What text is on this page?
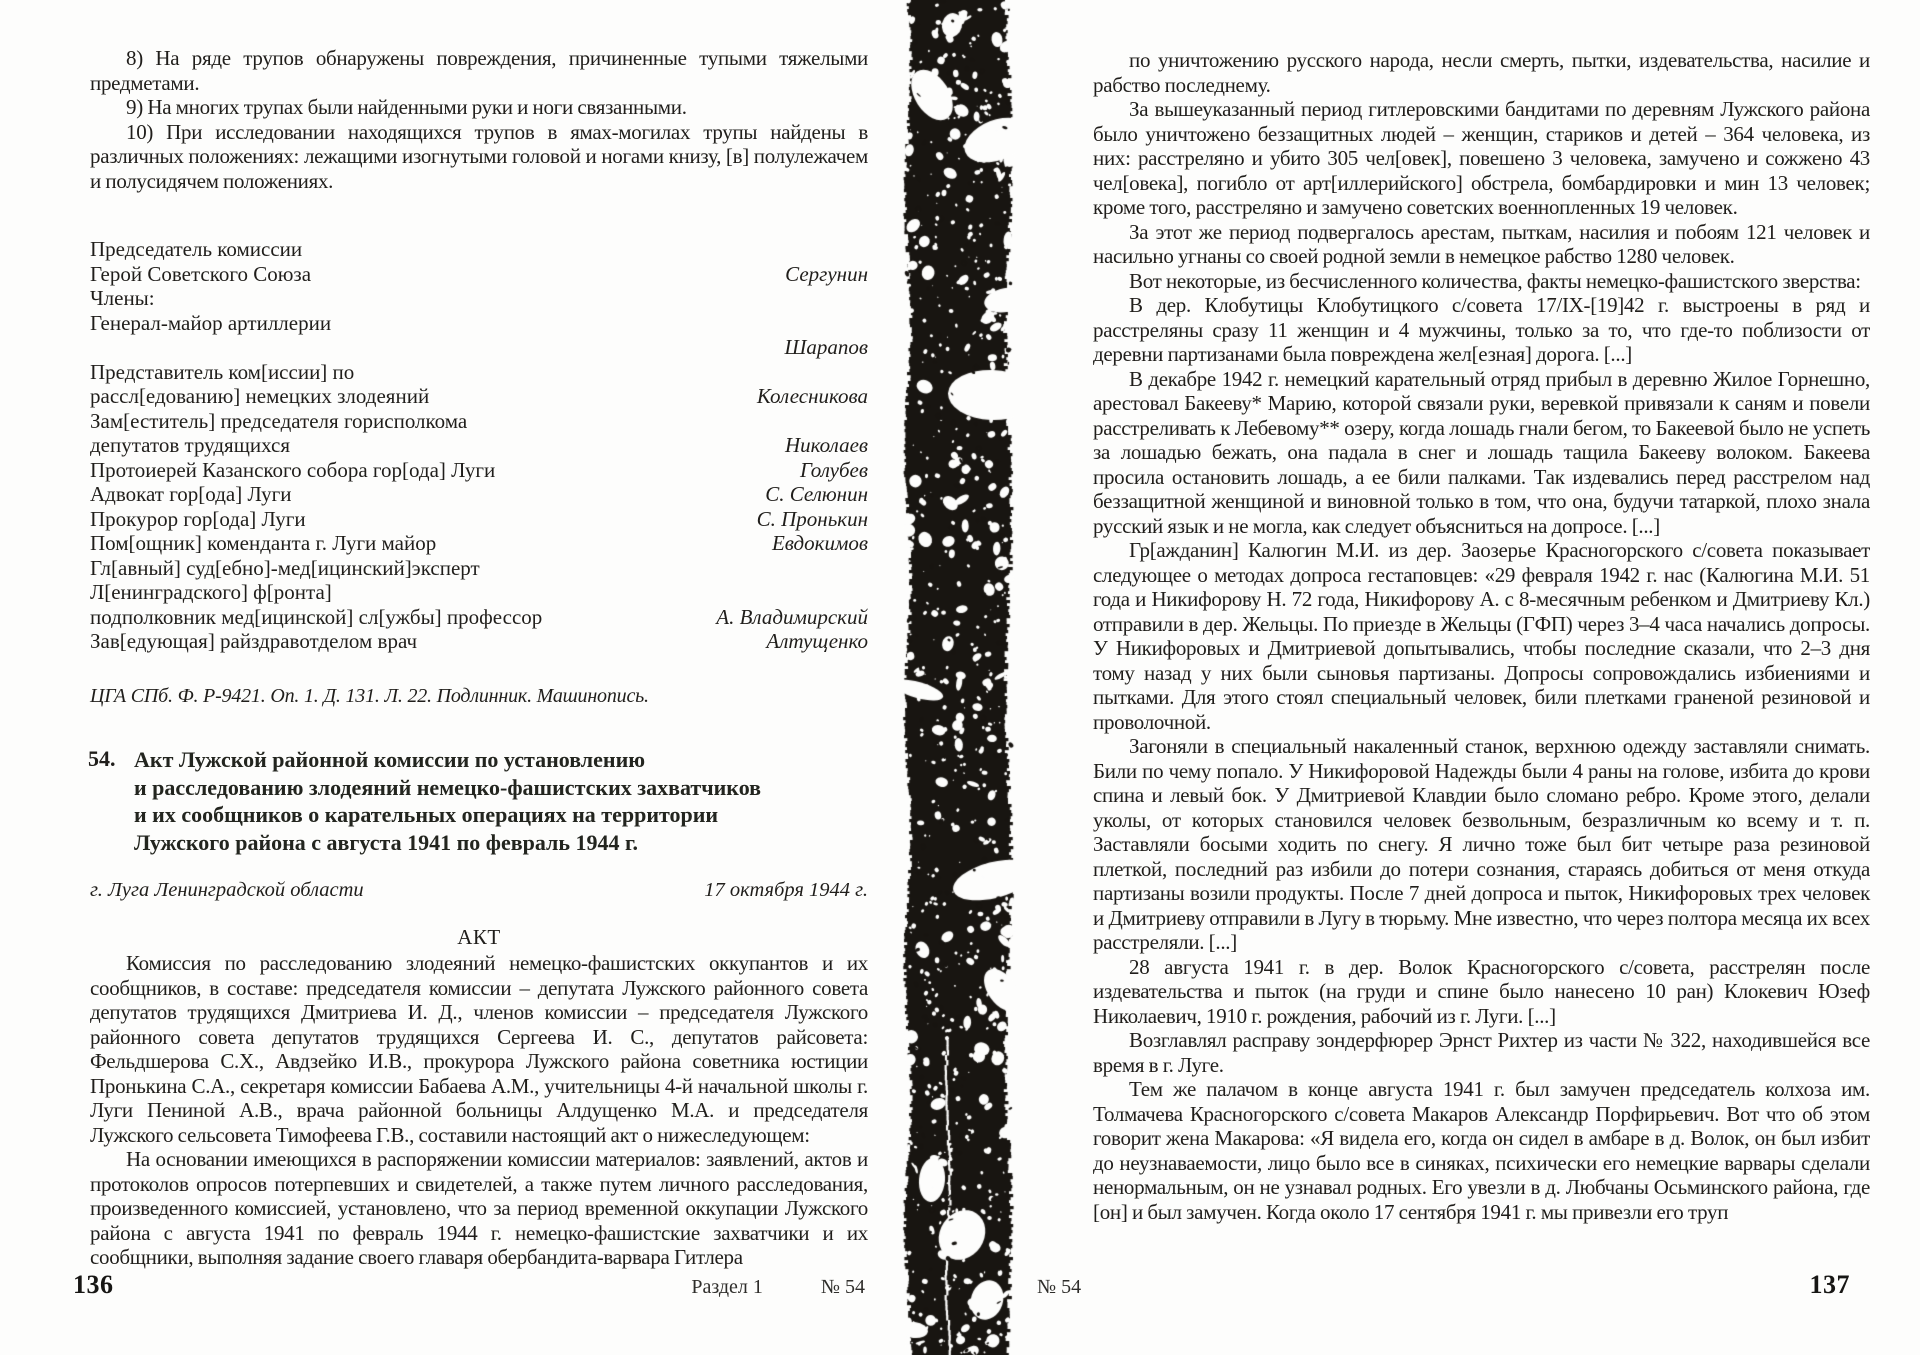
8) На ряде трупов обнаружены повреждения, причиненные тупыми тяжелыми предметами.

9) На многих трупах были найденными руки и ноги связанными.

10) При исследовании находящихся трупов в ямах-могилах трупы найдены в различных положениях: лежащими изогнутыми головой и ногами книзу, [в] полулежачем и полусидячем положениях.

Председатель комиссии
Герой Советского Союза	Сергунин
Члены:
Генерал-майор артиллерии
Шарапов
Представитель ком[иссии] по
рассл[едованию] немецких злодеяний	Колесникова
Зам[еститель] председателя горисполкома
депутатов трудящихся	Николаев
Протоиерей Казанского собора гор[ода] Луги	Голубев
Адвокат гор[ода] Луги	С. Селюнин
Прокурор гор[ода] Луги	С. Пронькин
Пом[ощник] коменданта г. Луги майор	Евдокимов
Гл[авный] суд[ебно]-мед[ицинский]эксперт
Л[енинградского] ф[ронта]
подполковник мед[ицинской] сл[ужбы] профессор	А. Владимирский
Зав[едующая] райздравотделом врач	Алтущенко
ЦГА СПб. Ф. Р-9421. Оп. 1. Д. 131. Л. 22. Подлинник. Машинопись.
54. Акт Лужской районной комиссии по установлению
и расследованию злодеяний немецко-фашистских захватчиков
и их сообщников о карательных операциях на территории
Лужского района с августа 1941 по февраль 1944 г.
г. Луга Ленинградской области	17 октября 1944 г.
АКТ

Комиссия по расследованию злодеяний немецко-фашистских оккупантов и их сообщников, в составе: председателя комиссии – депутата Лужского районного совета депутатов трудящихся Дмитриева И. Д., членов комиссии – председателя Лужского районного совета депутатов трудящихся Сергеева И. С., депутатов райсовета: Фельдшерова С.Х., Авдзейко И.В., прокурора Лужского района советника юстиции Пронькина С.А., секретаря комиссии Бабаева А.М., учительницы 4-й начальной школы г. Луги Пениной А.В., врача районной больницы Алдущенко М.А. и председателя Лужского сельсовета Тимофеева Г.В., составили настоящий акт о нижеследующем:

На основании имеющихся в распоряжении комиссии материалов: заявлений, актов и протоколов опросов потерпевших и свидетелей, а также путем личного расследования, произведенного комиссией, установлено, что за период временной оккупации Лужского района с августа 1941 по февраль 1944 г. немецко-фашистские захватчики и их сообщники, выполняя задание своего главаря обербандита-варвара Гитлера

по уничтожению русского народа, несли смерть, пытки, издевательства, насилие и рабство последнему.

За вышеуказанный период гитлеровскими бандитами по деревням Лужского района было уничтожено беззащитных людей – женщин, стариков и детей – 364 человека, из них: расстреляно и убито 305 чел[овек], повешено 3 человека, замучено и сожжено 43 чел[овека], погибло от арт[иллерийского] обстрела, бомбардировки и мин 13 человек; кроме того, расстреляно и замучено советских военнопленных 19 человек.

За этот же период подвергалось арестам, пыткам, насилия и побоям 121 человек и насильно угнаны со своей родной земли в немецкое рабство 1280 человек.

Вот некоторые, из бесчисленного количества, факты немецко-фашистского зверства:

В дер. Клобутицы Клобутицкого с/совета 17/IX-[19]42 г. выстроены в ряд и расстреляны сразу 11 женщин и 4 мужчины, только за то, что где-то поблизости от деревни партизанами была повреждена жел[езная] дорога. [...]

В декабре 1942 г. немецкий карательный отряд прибыл в деревню Жилое Горнешно, арестовал Бакееву* Марию, которой связали руки, веревкой привязали к саням и повели расстреливать к Лебевому** озеру, когда лошадь гнали бегом, то Бакеевой было не успеть за лошадью бежать, она падала в снег и лошадь тащила Бакееву волоком. Бакеева просила остановить лошадь, а ее били палками. Так издевались перед расстрелом над беззащитной женщиной и виновной только в том, что она, будучи татаркой, плохо знала русский язык и не могла, как следует объясниться на допросе. [...]

Гр[ажданин] Калюгин М.И. из дер. Заозерье Красногорского с/совета показывает следующее о методах допроса гестаповцев: «29 февраля 1942 г. нас (Калюгина М.И. 51 года и Никифорову Н. 72 года, Никифорову А. с 8-месячным ребенком и Дмитриеву Кл.) отправили в дер. Жельцы. По приезде в Жельцы (ГФП) через 3–4 часа начались допросы. У Никифоровых и Дмитриевой допытывались, чтобы последние сказали, что 2–3 дня тому назад у них были сыновья партизаны. Допросы сопровождались избиениями и пытками. Для этого стоял специальный человек, били плетками граненой резиновой и проволочной.

Загоняли в специальный накаленный станок, верхнюю одежду заставляли снимать. Били по чему попало. У Никифоровой Надежды были 4 раны на голове, избита до крови спина и левый бок. У Дмитриевой Клавдии было сломано ребро. Кроме этого, делали уколы, от которых становился человек безвольным, безразличным ко всему и т. п. Заставляли босыми ходить по снегу. Я лично тоже был бит четыре раза резиновой плеткой, последний раз избили до потери сознания, стараясь добиться от меня откуда партизаны возили продукты. После 7 дней допроса и пыток, Никифоровых трех человек и Дмитриеву отправили в Лугу в тюрьму. Мне известно, что через полтора месяца их всех расстреляли. [...]

28 августа 1941 г. в дер. Волок Красногорского с/совета, расстрелян после издевательства и пыток (на груди и спине было нанесено 10 ран) Клокевич Юзеф Николаевич, 1910 г. рождения, рабочий из г. Луги. [...]

Возглавлял расправу зондерфюрер Эрнст Рихтер из части № 322, находившейся все время в г. Луге.

Тем же палачом в конце августа 1941 г. был замучен председатель колхоза им. Толмачева Красногорского с/совета Макаров Александр Порфирьевич. Вот что об этом говорит жена Макарова: «Я видела его, когда он сидел в амбаре в д. Волок, он был избит до неузнаваемости, лицо было все в синяках, психически его немецкие варвары сделали ненормальным, он не узнавал родных. Его увезли в д. Любчаны Осьминского района, где [он] и был замучен. Когда около 17 сентября 1941 г. мы привезли его труп

136	Раздел 1	№ 54	№ 54	137
